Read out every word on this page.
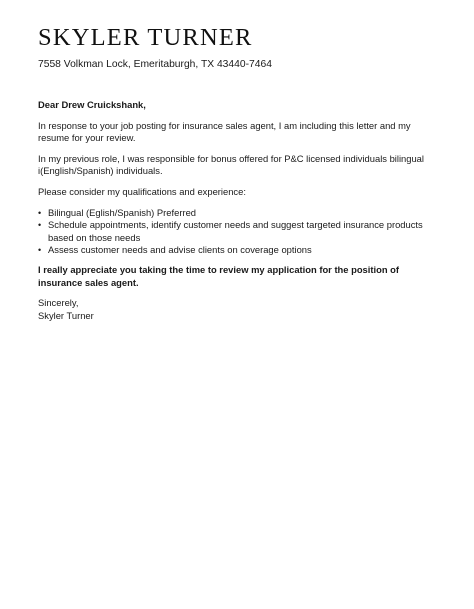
SKYLER TURNER
7558 Volkman Lock, Emeritaburgh, TX 43440-7464

Dear Drew Cruickshank,

In response to your job posting for insurance sales agent, I am including this letter and my resume for your review.

In my previous role, I was responsible for bonus offered for P&C licensed individuals bilingual i(English/Spanish) individuals.

Please consider my qualifications and experience:

• Bilingual (Eglish/Spanish) Preferred
• Schedule appointments, identify customer needs and suggest targeted insurance products based on those needs
• Assess customer needs and advise clients on coverage options

I really appreciate you taking the time to review my application for the position of insurance sales agent.

Sincerely,

Skyler Turner
